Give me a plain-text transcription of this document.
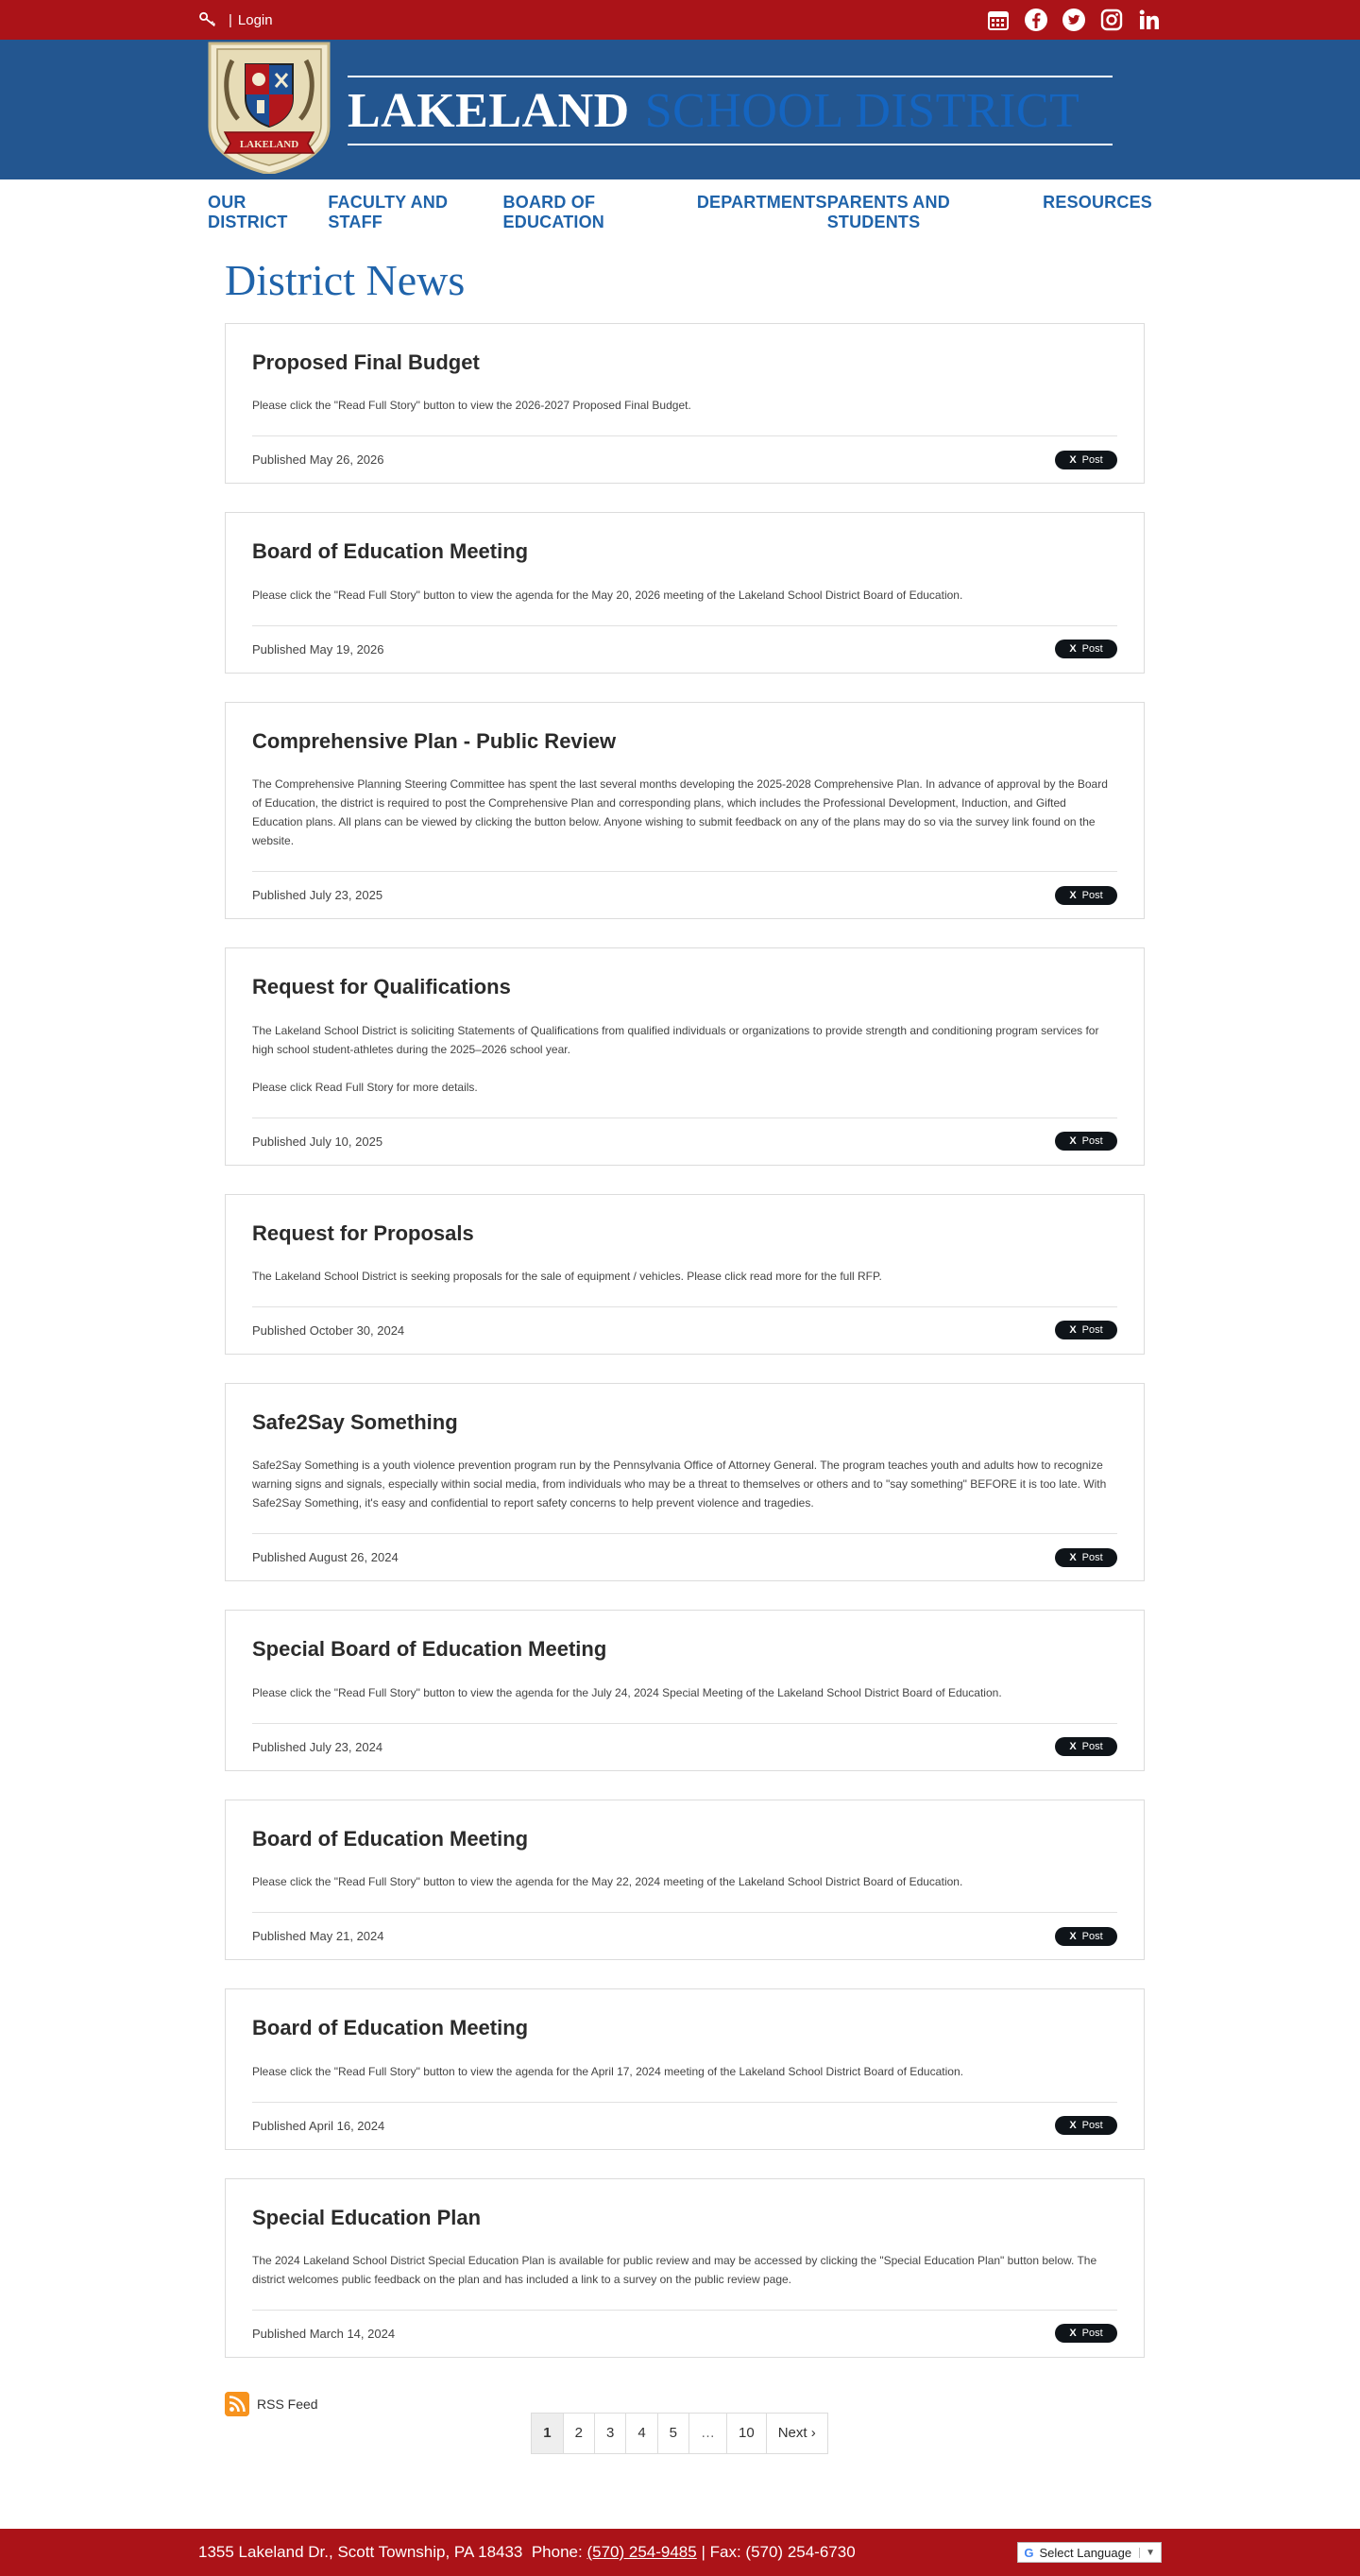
| Login
LAKELAND
LAKELAND SCHOOL DISTRICT
OUR DISTRICT
FACULTY AND STAFF
BOARD OF EDUCATION
DEPARTMENTS PARENTS AND STUDENTS
RESOURCES
District News
Proposed Final Budget

Please click the "Read Full Story" button to view the 2026-2027 Proposed Final Budget.

Published May 26, 2026	X Post
Board of Education Meeting

Please click the "Read Full Story" button to view the agenda for the May 20, 2026 meeting of the Lakeland School District Board of Education.

Published May 19, 2026	X Post
Comprehensive Plan - Public Review

The Comprehensive Planning Steering Committee has spent the last several months developing the 2025-2028 Comprehensive Plan. In advance of approval by the Board of Education, the district is required to post the Comprehensive Plan and corresponding plans, which includes the Professional Development, Induction, and Gifted Education plans. All plans can be viewed by clicking the button below. Anyone wishing to submit feedback on any of the plans may do so via the survey link found on the website.

Published July 23, 2025	X Post
Request for Qualifications

The Lakeland School District is soliciting Statements of Qualifications from qualified individuals or organizations to provide strength and conditioning program services for high school student-athletes during the 2025–2026 school year.

Please click Read Full Story for more details.

Published July 10, 2025	X Post
Request for Proposals

The Lakeland School District is seeking proposals for the sale of equipment / vehicles. Please click read more for the full RFP.

Published October 30, 2024	X Post
Safe2Say Something

Safe2Say Something is a youth violence prevention program run by the Pennsylvania Office of Attorney General. The program teaches youth and adults how to recognize warning signs and signals, especially within social media, from individuals who may be a threat to themselves or others and to "say something" BEFORE it is too late. With Safe2Say Something, it's easy and confidential to report safety concerns to help prevent violence and tragedies.

Published August 26, 2024	X Post
Special Board of Education Meeting

Please click the "Read Full Story" button to view the agenda for the July 24, 2024 Special Meeting of the Lakeland School District Board of Education.

Published July 23, 2024	X Post
Board of Education Meeting

Please click the "Read Full Story" button to view the agenda for the May 22, 2024 meeting of the Lakeland School District Board of Education.

Published May 21, 2024	X Post
Board of Education Meeting

Please click the "Read Full Story" button to view the agenda for the April 17, 2024 meeting of the Lakeland School District Board of Education.

Published April 16, 2024	X Post
Special Education Plan

The 2024 Lakeland School District Special Education Plan is available for public review and may be accessed by clicking the "Special Education Plan" button below. The district welcomes public feedback on the plan and has included a link to a survey on the public review page.

Published March 14, 2024	X Post
RSS Feed
1	2	3	4	5	…	10	Next ›
1355 Lakeland Dr., Scott Township, PA 18433 Phone: (570) 254-9485 | Fax: (570) 254-6730	G Select Language	▼
